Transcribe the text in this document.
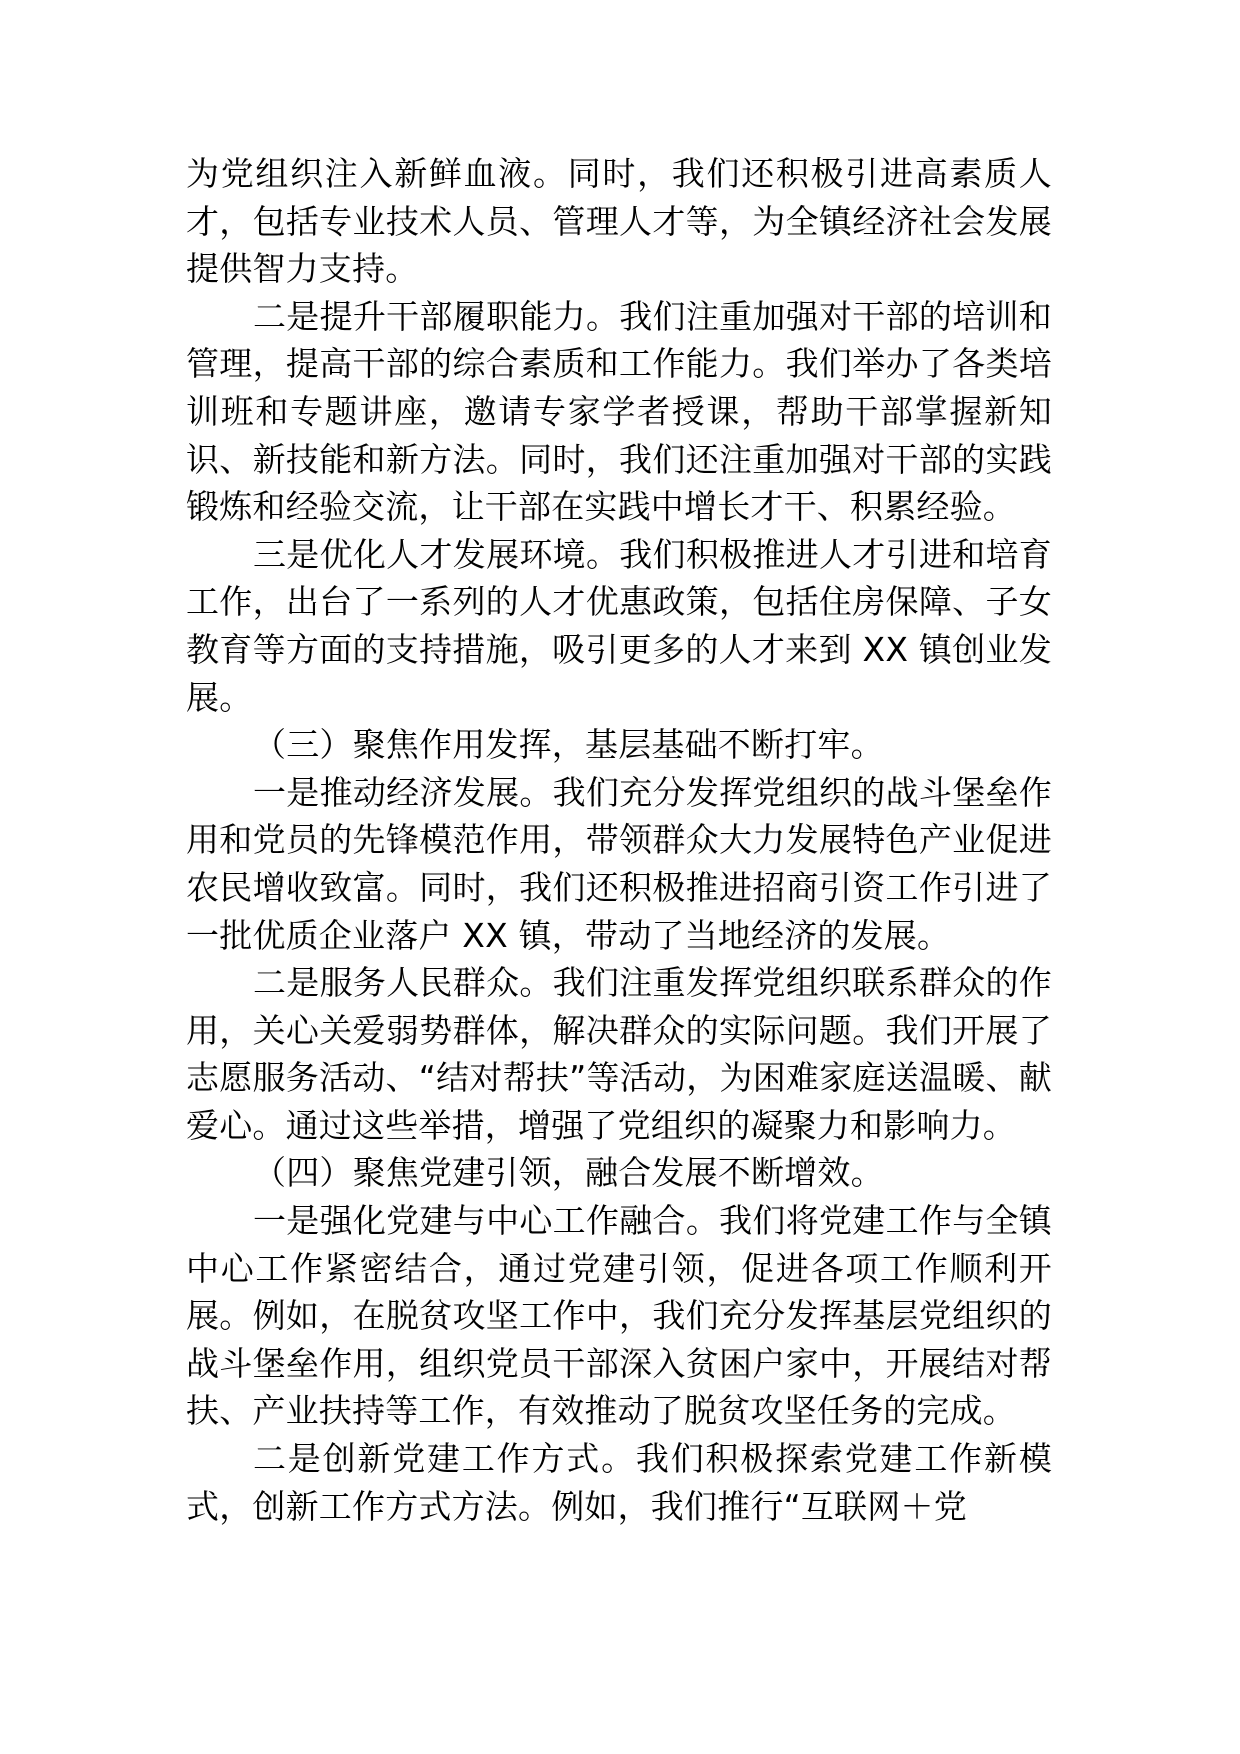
为党组织注入新鲜血液。同时，我们还积极引进高素质人才，包括专业技术人员、管理人才等，为全镇经济社会发展提供智力支持。

二是提升干部履职能力。我们注重加强对干部的培训和管理，提高干部的综合素质和工作能力。我们举办了各类培训班和专题讲座，邀请专家学者授课，帮助干部掌握新知识、新技能和新方法。同时，我们还注重加强对干部的实践锻炼和经验交流，让干部在实践中增长才干、积累经验。

三是优化人才发展环境。我们积极推进人才引进和培育工作，出台了一系列的人才优惠政策，包括住房保障、子女教育等方面的支持措施，吸引更多的人才来到 XX 镇创业发展。

（三）聚焦作用发挥，基层基础不断打牢。

一是推动经济发展。我们充分发挥党组织的战斗堡垒作用和党员的先锋模范作用，带领群众大力发展特色产业促进农民增收致富。同时，我们还积极推进招商引资工作引进了一批优质企业落户 XX 镇，带动了当地经济的发展。

二是服务人民群众。我们注重发挥党组织联系群众的作用，关心关爱弱势群体，解决群众的实际问题。我们开展了志愿服务活动、“结对帮扶”等活动，为困难家庭送温暖、献爱心。通过这些举措，增强了党组织的凝聚力和影响力。

（四）聚焦党建引领，融合发展不断增效。

一是强化党建与中心工作融合。我们将党建工作与全镇中心工作紧密结合，通过党建引领，促进各项工作顺利开展。例如，在脱贫攻坚工作中，我们充分发挥基层党组织的战斗堡垒作用，组织党员干部深入贫困户家中，开展结对帮扶、产业扶持等工作，有效推动了脱贫攻坚任务的完成。

二是创新党建工作方式。我们积极探索党建工作新模式，创新工作方式方法。例如，我们推行“互联网＋党
